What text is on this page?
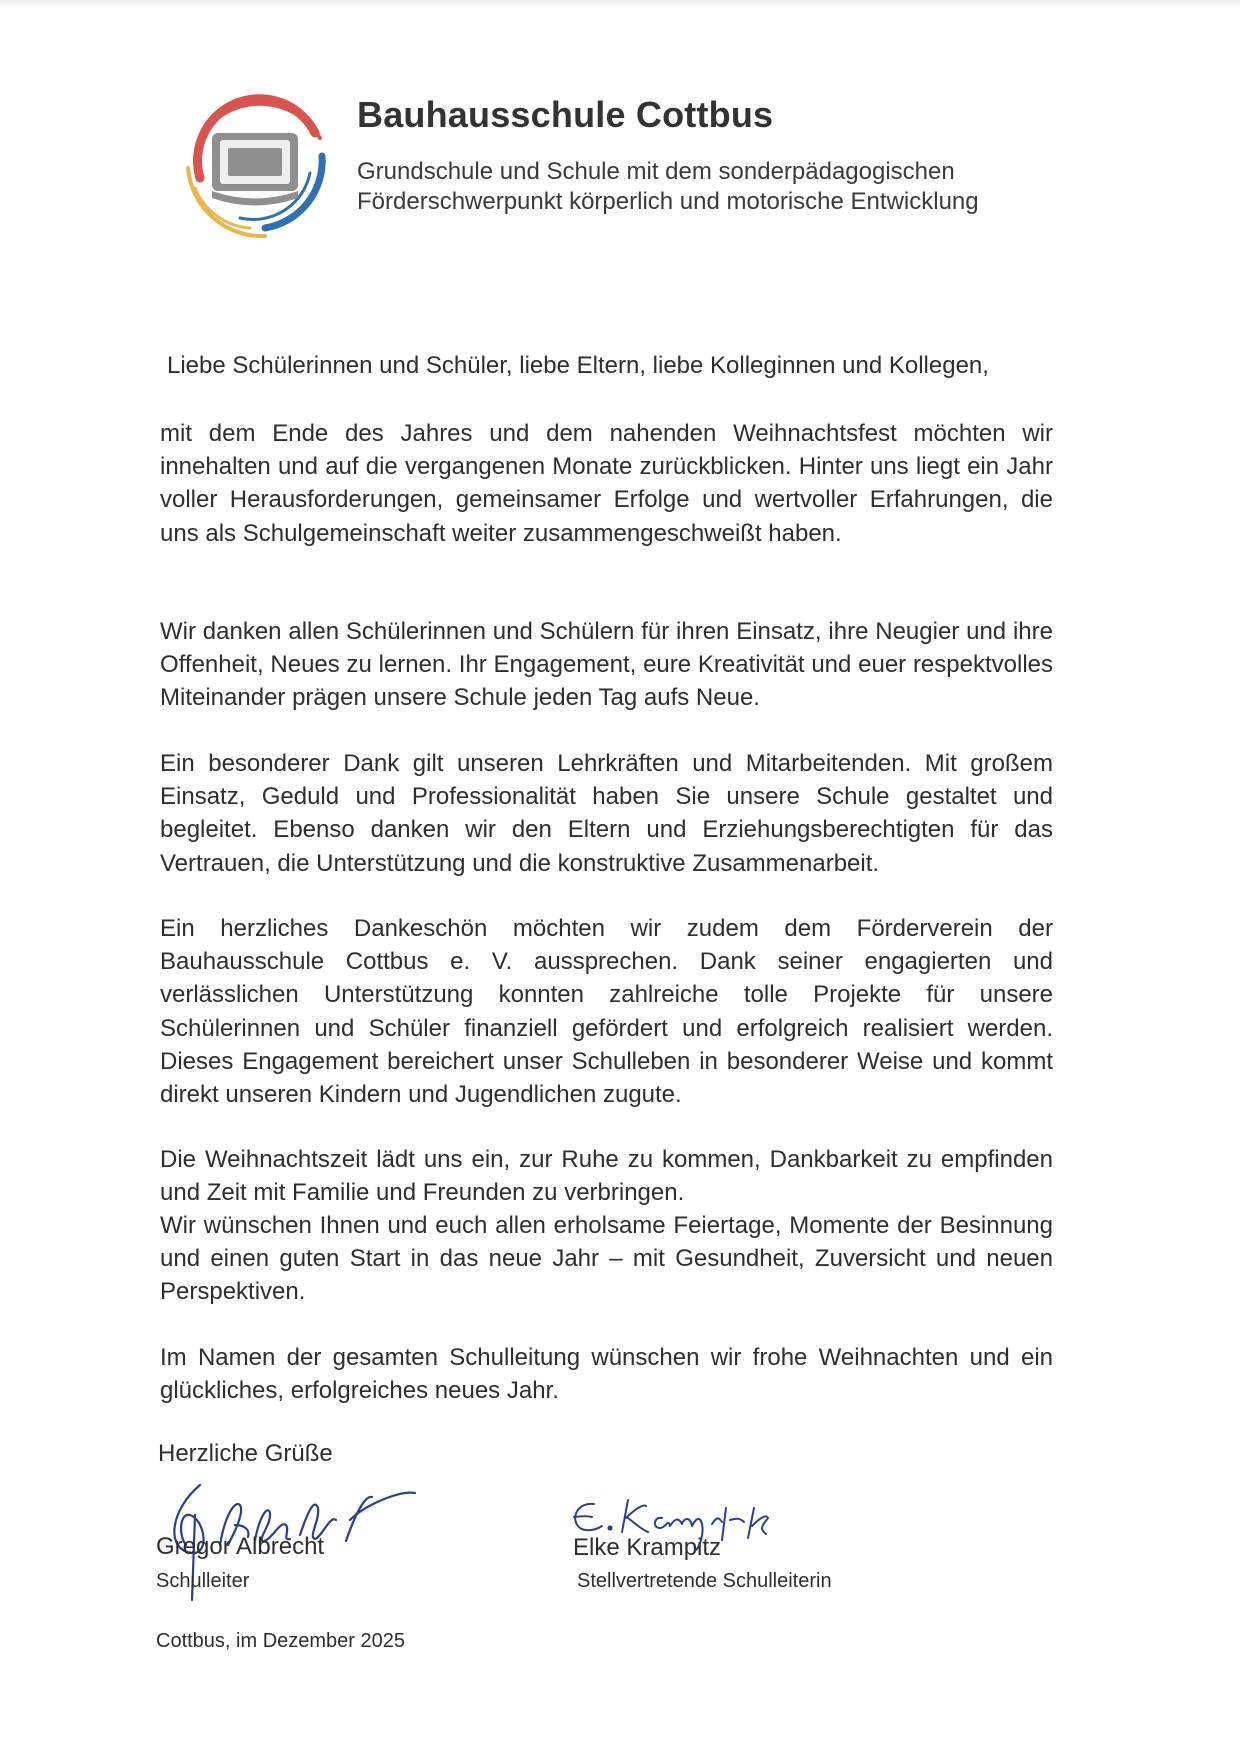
Bauhausschule Cottbus
Grundschule und Schule mit dem sonderpädagogischen
Förderschwerpunkt körperlich und motorische Entwicklung
Liebe Schülerinnen und Schüler, liebe Eltern, liebe Kolleginnen und Kollegen,

mit dem Ende des Jahres und dem nahenden Weihnachtsfest möchten wir innehalten und auf die vergangenen Monate zurückblicken. Hinter uns liegt ein Jahr voller Herausforderungen, gemeinsamer Erfolge und wertvoller Erfahrungen, die uns als Schulgemeinschaft weiter zusammengeschweißt haben.

Wir danken allen Schülerinnen und Schülern für ihren Einsatz, ihre Neugier und ihre Offenheit, Neues zu lernen. Ihr Engagement, eure Kreativität und euer respektvolles Miteinander prägen unsere Schule jeden Tag aufs Neue.

Ein besonderer Dank gilt unseren Lehrkräften und Mitarbeitenden. Mit großem Einsatz, Geduld und Professionalität haben Sie unsere Schule gestaltet und begleitet. Ebenso danken wir den Eltern und Erziehungsberechtigten für das Vertrauen, die Unterstützung und die konstruktive Zusammenarbeit.

Ein herzliches Dankeschön möchten wir zudem dem Förderverein der Bauhausschule Cottbus e. V. aussprechen. Dank seiner engagierten und verlässlichen Unterstützung konnten zahlreiche tolle Projekte für unsere Schülerinnen und Schüler finanziell gefördert und erfolgreich realisiert werden. Dieses Engagement bereichert unser Schulleben in besonderer Weise und kommt direkt unseren Kindern und Jugendlichen zugute.

Die Weihnachtszeit lädt uns ein, zur Ruhe zu kommen, Dankbarkeit zu empfinden und Zeit mit Familie und Freunden zu verbringen.

Wir wünschen Ihnen und euch allen erholsame Feiertage, Momente der Besinnung und einen guten Start in das neue Jahr – mit Gesundheit, Zuversicht und neuen Perspektiven.

Im Namen der gesamten Schulleitung wünschen wir frohe Weihnachten und ein glückliches, erfolgreiches neues Jahr.

Herzliche Grüße
Gregor Albrecht
Schulleiter
Elke Krampitz
Stellvertretende Schulleiterin
Cottbus, im Dezember 2025
